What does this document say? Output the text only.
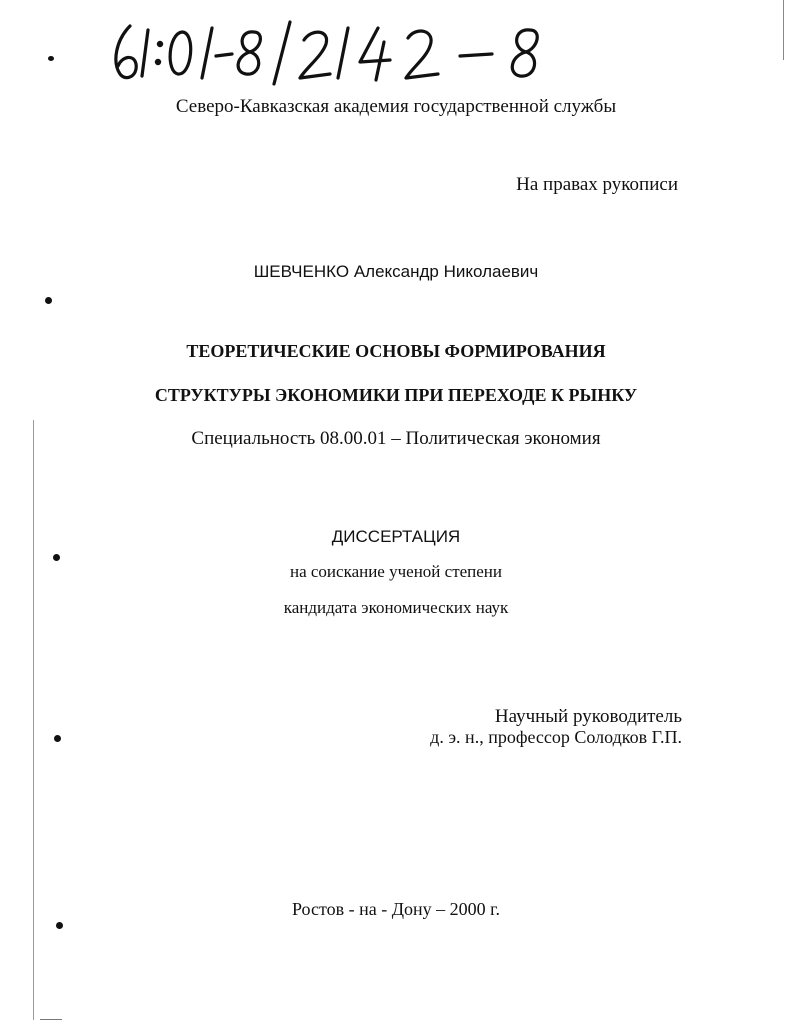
Северо-Кавказская академия государственной службы
На правах рукописи
ШЕВЧЕНКО Александр Николаевич
ТЕОРЕТИЧЕСКИЕ ОСНОВЫ ФОРМИРОВАНИЯ
СТРУКТУРЫ ЭКОНОМИКИ ПРИ ПЕРЕХОДЕ К РЫНКУ
Специальность 08.00.01 – Политическая экономия
ДИССЕРТАЦИЯ
на соискание ученой степени
кандидата экономических наук
Научный руководитель
д. э. н., профессор Солодков Г.П.
Ростов - на - Дону – 2000 г.
